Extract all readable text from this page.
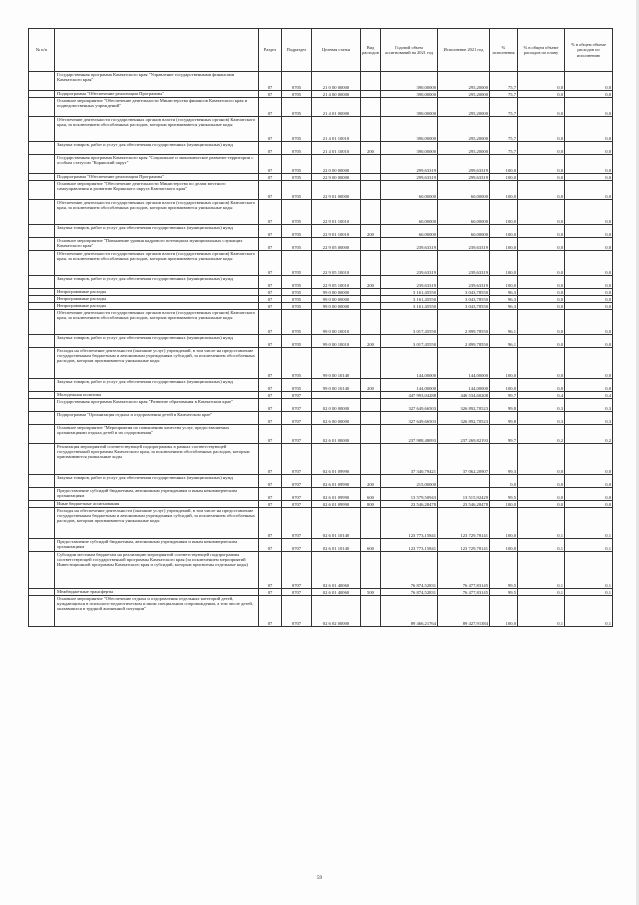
№ п/п		Раздел	Подраздел	Целевая статья	Вид расходов	Годовой объем ассигнований на 2021 год	Исполнение 2021 год	% исполнения	% в общем объеме расходов по плану	% в общем объеме расходов по исполнению
	Государственная программа Камчатского края "Управление государственными финансами Камчатского края"	07	0705	21 0 00 00000		390,00000	295,20000	75,7	0,0	0,0
	Подпрограмма "Обеспечение реализации Программы"	07	0705	21 4 00 00000		390,00000	295,20000	75,7	0,0	0,0
	Основное мероприятие "Обеспечение деятельности Министерства финансов Камчатского края и подведомственных учреждений"	07	0705	21 4 01 00000		390,00000	295,20000	75,7	0,0	0,0
	Обеспечение деятельности государственных органов власти (государственных органов) Камчатского края, за исключением обособленных расходов, которым присваиваются уникальные коды	07	0705	21 4 01 10010		390,00000	295,20000	75,7	0,0	0,0
	Закупка товаров, работ и услуг для обеспечения государственных (муниципальных) нужд	07	0705	21 4 01 10010	200	390,00000	295,20000	75,7	0,0	0,0
	Государственная программа Камчатского края "Социальное и экономическое развитие территории с особым статусом "Корякский округ"	07	0705	22 0 00 00000		299,63319	299,63319	100,0	0,0	0,0
	Подпрограмма "Обеспечение реализации Программы"	07	0705	22 9 00 00000		299,63319	299,63319	100,0	0,0	0,0
	Основное мероприятие "Обеспечение деятельности Министерства по делам местного самоуправления и развитию Корякского округа Камчатского края"	07	0705	22 9 01 00000		60,00000	60,00000	100,0	0,0	0,0
	Обеспечение деятельности государственных органов власти (государственных органов) Камчатского края, за исключением обособленных расходов, которым присваиваются уникальные коды	07	0705	22 9 01 10010		60,00000	60,00000	100,0	0,0	0,0
	Закупка товаров, работ и услуг для обеспечения государственных (муниципальных) нужд	07	0705	22 9 01 10010	200	60,00000	60,00000	100,0	0,0	0,0
	Основное мероприятие "Повышение уровня кадрового потенциала муниципальных служащих Камчатского края"	07	0705	22 9 05 00000		239,63319	239,63319	100,0	0,0	0,0
	Обеспечение деятельности государственных органов власти (государственных органов) Камчатского края, за исключением обособленных расходов, которым присваиваются уникальные коды	07	0705	22 9 05 10010		239,63319	239,63319	100,0	0,0	0,0
	Закупка товаров, работ и услуг для обеспечения государственных (муниципальных) нужд	07	0705	22 9 05 10010	200	239,63319	239,63319	100,0	0,0	0,0
	Непрограммные расходы	07	0705	99 0 00 00000		3 161,45550	3 043,78550	96,3	0,0	0,0
	Непрограммные расходы	07	0705	99 0 00 00000		3 161,45550	3 043,78550	96,3	0,0	0,0
	Непрограммные расходы	07	0705	99 0 00 00000		3 161,45550	3 043,78550	96,3	0,0	0,0
	Обеспечение деятельности государственных органов власти (государственных органов) Камчатского края, за исключением обособленных расходов, которым присваиваются уникальные коды	07	0705	99 0 00 10010		3 017,45550	2 899,78550	96,1	0,0	0,0
	Закупка товаров, работ и услуг для обеспечения государственных (муниципальных) нужд	07	0705	99 0 00 10010	200	3 017,45550	2 899,78550	96,1	0,0	0,0
	Расходы на обеспечение деятельности (оказание услуг) учреждений, в том числе на предоставление государственным бюджетным и автономным учреждениям субсидий, за исключением обособленных расходов, которым присваиваются уникальные коды	07	0705	99 0 00 10140		144,00000	144,00000	100,0	0,0	0,0
	Закупка товаров, работ и услуг для обеспечения государственных (муниципальных) нужд	07	0705	99 0 00 10140	200	144,00000	144,00000	100,0	0,0	0,0
	Молодежная политика	07	0707			447 993,04288	446 534,60208	99,7	0,4	0,4
	Государственная программа Камчатского края "Развитие образования в Камчатском крае"	07	0707	02 0 00 00000		327 649,66503	326 892,70523	99,8	0,3	0,3
	Подпрограмма "Организация отдыха и оздоровления детей в Камчатском крае"	07	0707	02 6 00 00000		327 649,66503	326 892,70523	99,8	0,3	0,3
	Основное мероприятие "Мероприятия по повышению качества услуг, предоставляемых организациями отдыха детей и их оздоровления"	07	0707	02 6 01 00000		237 988,48093	237 269,82193	99,7	0,2	0,2
	Реализация мероприятий соответствующей подпрограммы в рамках соответствующей государственной программы Камчатского края, за исключением обособленных расходов, которым присваиваются уникальные коды	07	0707	02 6 01 09990		37 340,79421	37 062,20907	99,3	0,0	0,0
	Закупка товаров, работ и услуг для обеспечения государственных (муниципальных) нужд	07	0707	02 6 01 09990	200	215,00000		0,0	0,0	0,0
	Предоставление субсидий бюджетным, автономным учреждениям и иным некоммерческим организациям	07	0707	02 6 01 09990	600	13 579,50943	13 515,92429	99,5	0,0	0,0
	Иные бюджетные ассигнования	07	0707	02 6 01 09990	800	23 546,28478	23 546,28478	100,0	0,0	0,0
	Расходы на обеспечение деятельности (оказание услуг) учреждений, в том числе на предоставление государственным бюджетным и автономным учреждениям субсидий, за исключением обособленных расходов, которым присваиваются уникальные коды	07	0707	02 6 01 10140		123 773,15841	123 729,78141	100,0	0,1	0,1
	Предоставление субсидий бюджетным, автономным учреждениям и иным некоммерческим организациям	07	0707	02 6 01 10140	600	123 773,15841	123 729,78141	100,0	0,1	0,1
	Субсидии местным бюджетам на реализацию мероприятий соответствующей подпрограммы соответствующей государственной программы Камчатского края (за исключением мероприятий Инвестиционной программы Камчатского края и субсидий, которым присвоены отдельные коды)	07	0707	02 6 01 40060		76 874,52831	76 477,83145	99,5	0,1	0,1
	Межбюджетные трансферты	07	0707	02 6 01 40060	500	76 874,52831	76 477,83145	99,5	0,1	0,1
	Основное мероприятие "Обеспечение отдыха и оздоровления отдельных категорий детей, нуждающихся в психолого-педагогическом и ином специальном сопровождении, а том числе детей, оказавшихся в трудной жизненной ситуации"	07	0707	02 6 02 00000		89 466,21764	89 427,91384	100,0	0,1	0,1
59
